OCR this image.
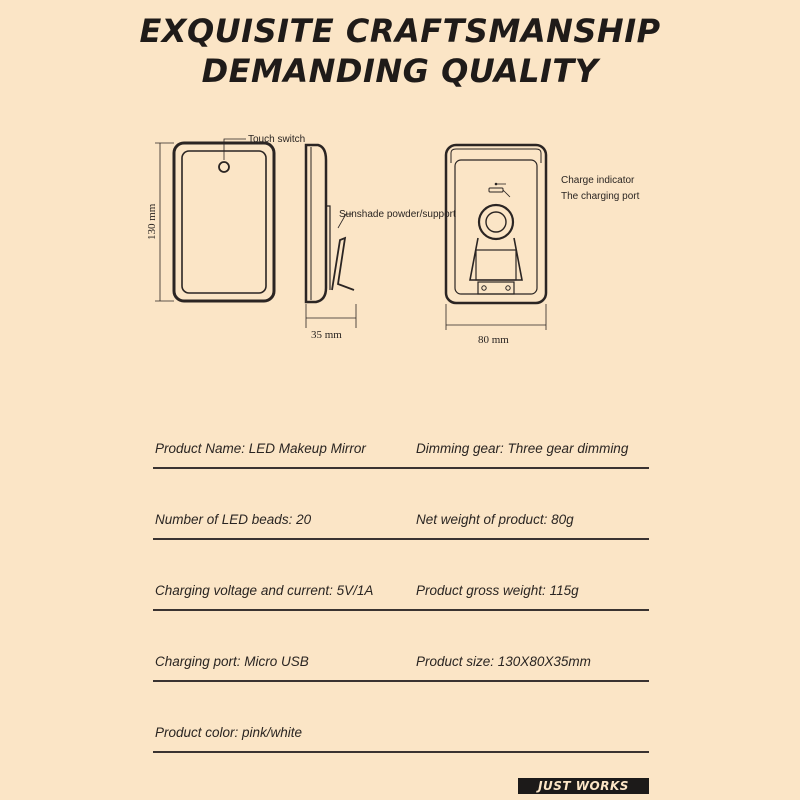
EXQUISITE CRAFTSMANSHIP
DEMANDING QUALITY
Touch switch
130 mm	Sunshade powder/support
35 mm
Charge indicator
The charging port
80 mm
Product Name: LED Makeup Mirror	Dimming gear: Three gear dimming
Number of LED beads: 20	Net weight of product: 80g
Charging voltage and current: 5V/1A	Product gross weight: 115g
Charging port: Micro USB	Product size: 130X80X35mm
Product color: pink/white
JUST WORKS
